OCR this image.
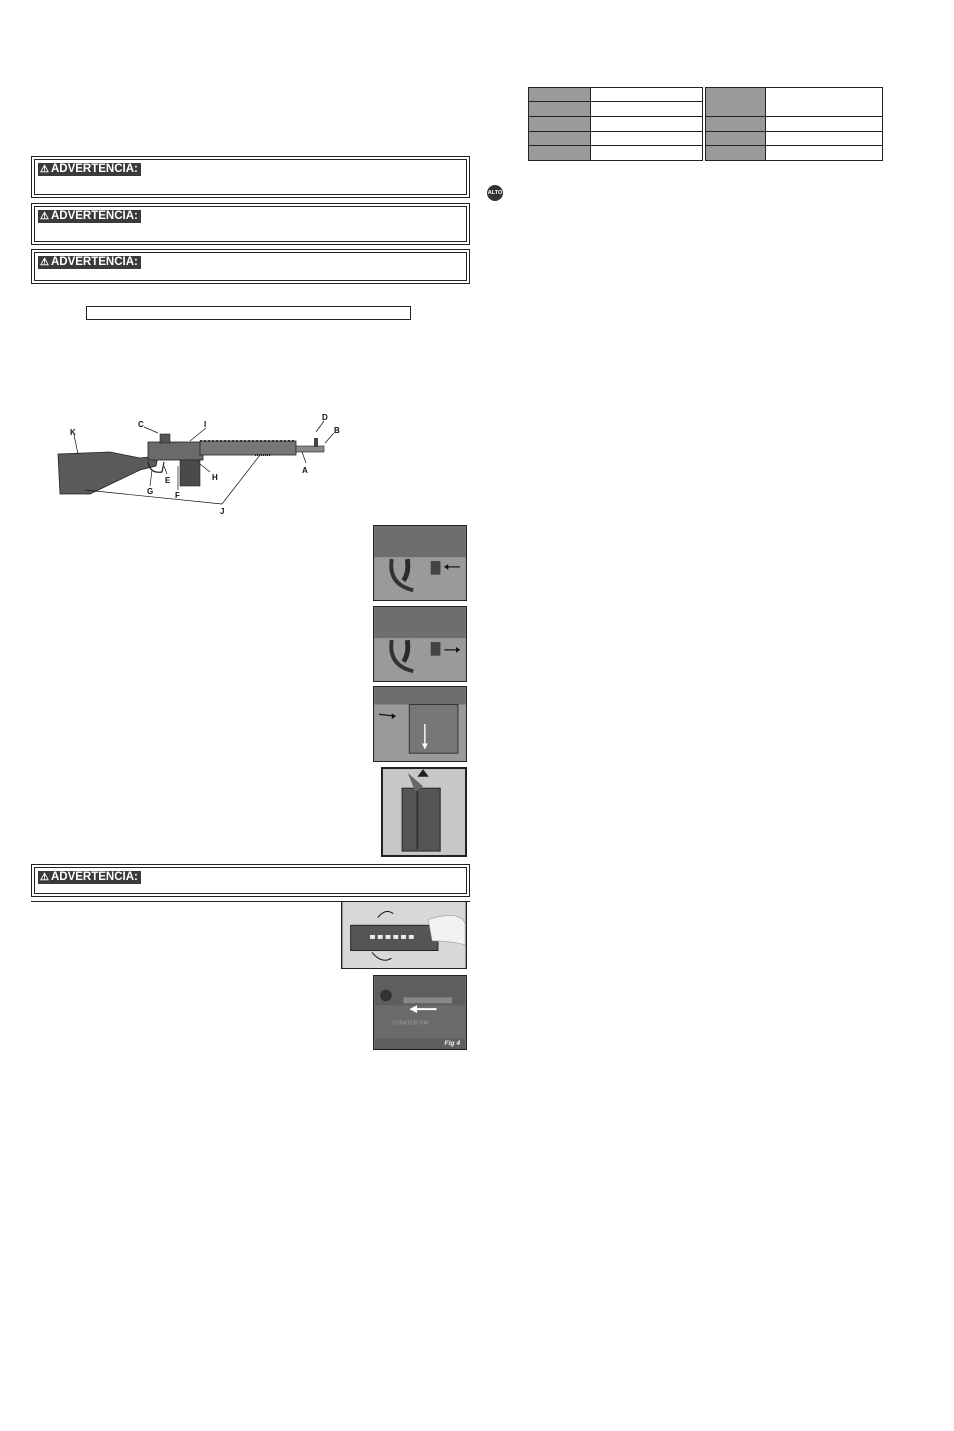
⚠ ADVERTENCIA:
⚠ ADVERTENCIA:
⚠ ADVERTENCIA:
K
C	I
D
B
A
H
G
E
F
J
⚠ ADVERTENCIA:
STINGER RM
Fig 4

ALTO
